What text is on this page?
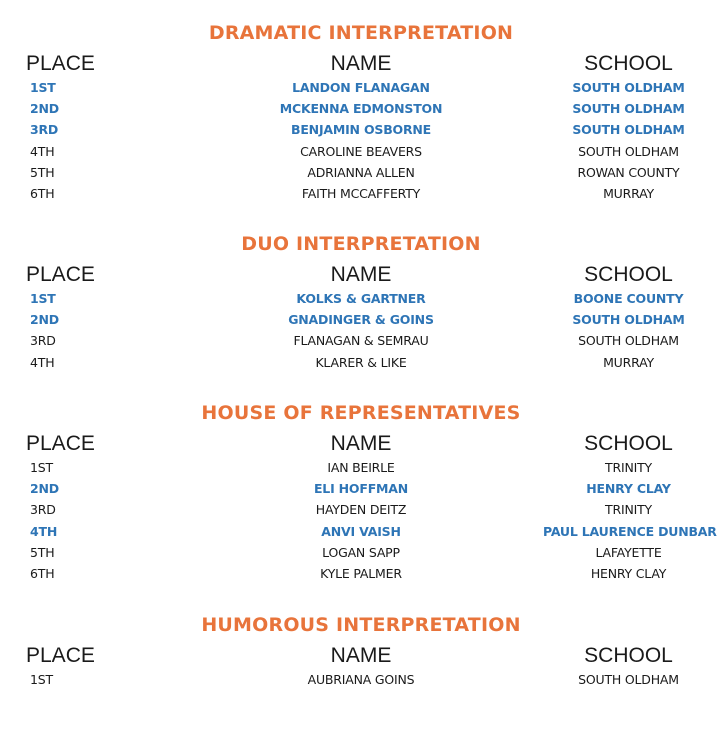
DRAMATIC INTERPRETATION
PLACE	NAME	SCHOOL
1ST	LANDON FLANAGAN	SOUTH OLDHAM
2ND	MCKENNA EDMONSTON	SOUTH OLDHAM
3RD	BENJAMIN OSBORNE	SOUTH OLDHAM
4TH	CAROLINE BEAVERS	SOUTH OLDHAM
5TH	ADRIANNA ALLEN	ROWAN COUNTY
6TH	FAITH MCCAFFERTY	MURRAY
DUO INTERPRETATION
PLACE	NAME	SCHOOL
1ST	KOLKS & GARTNER	BOONE COUNTY
2ND	GNADINGER & GOINS	SOUTH OLDHAM
3RD	FLANAGAN & SEMRAU	SOUTH OLDHAM
4TH	KLARER & LIKE	MURRAY
HOUSE OF REPRESENTATIVES
PLACE	NAME	SCHOOL
1ST	IAN BEIRLE	TRINITY
2ND	ELI HOFFMAN	HENRY CLAY
3RD	HAYDEN DEITZ	TRINITY
4TH	ANVI VAISH	PAUL LAURENCE DUNBAR
5TH	LOGAN SAPP	LAFAYETTE
6TH	KYLE PALMER	HENRY CLAY
HUMOROUS INTERPRETATION
PLACE	NAME	SCHOOL
1ST	AUBRIANA GOINS	SOUTH OLDHAM
